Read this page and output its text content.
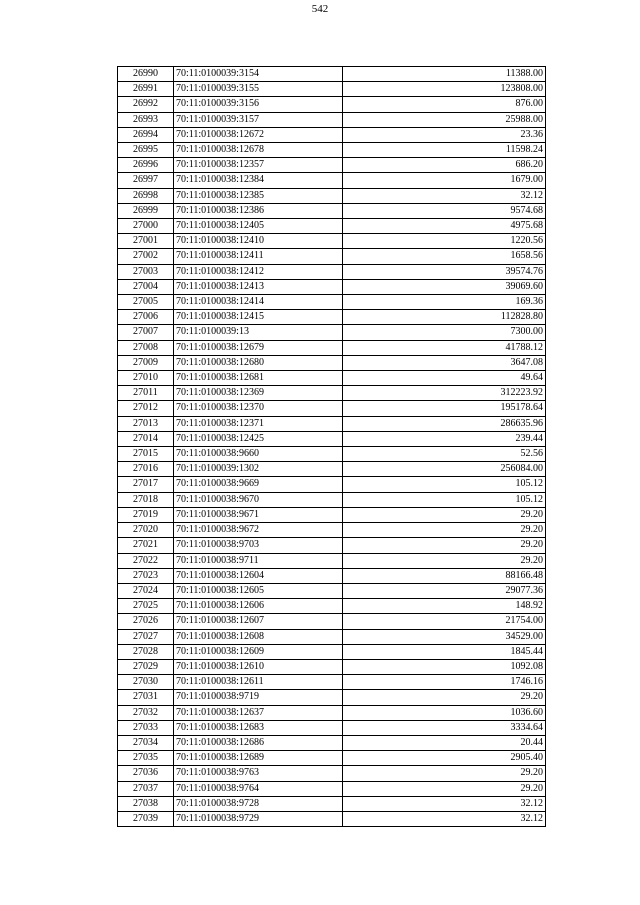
542
26990	70:11:0100039:3154	11388.00
26991	70:11:0100039:3155	123808.00
26992	70:11:0100039:3156	876.00
26993	70:11:0100039:3157	25988.00
26994	70:11:0100038:12672	23.36
26995	70:11:0100038:12678	11598.24
26996	70:11:0100038:12357	686.20
26997	70:11:0100038:12384	1679.00
26998	70:11:0100038:12385	32.12
26999	70:11:0100038:12386	9574.68
27000	70:11:0100038:12405	4975.68
27001	70:11:0100038:12410	1220.56
27002	70:11:0100038:12411	1658.56
27003	70:11:0100038:12412	39574.76
27004	70:11:0100038:12413	39069.60
27005	70:11:0100038:12414	169.36
27006	70:11:0100038:12415	112828.80
27007	70:11:0100039:13	7300.00
27008	70:11:0100038:12679	41788.12
27009	70:11:0100038:12680	3647.08
27010	70:11:0100038:12681	49.64
27011	70:11:0100038:12369	312223.92
27012	70:11:0100038:12370	195178.64
27013	70:11:0100038:12371	286635.96
27014	70:11:0100038:12425	239.44
27015	70:11:0100038:9660	52.56
27016	70:11:0100039:1302	256084.00
27017	70:11:0100038:9669	105.12
27018	70:11:0100038:9670	105.12
27019	70:11:0100038:9671	29.20
27020	70:11:0100038:9672	29.20
27021	70:11:0100038:9703	29.20
27022	70:11:0100038:9711	29.20
27023	70:11:0100038:12604	88166.48
27024	70:11:0100038:12605	29077.36
27025	70:11:0100038:12606	148.92
27026	70:11:0100038:12607	21754.00
27027	70:11:0100038:12608	34529.00
27028	70:11:0100038:12609	1845.44
27029	70:11:0100038:12610	1092.08
27030	70:11:0100038:12611	1746.16
27031	70:11:0100038:9719	29.20
27032	70:11:0100038:12637	1036.60
27033	70:11:0100038:12683	3334.64
27034	70:11:0100038:12686	20.44
27035	70:11:0100038:12689	2905.40
27036	70:11:0100038:9763	29.20
27037	70:11:0100038:9764	29.20
27038	70:11:0100038:9728	32.12
27039	70:11:0100038:9729	32.12
